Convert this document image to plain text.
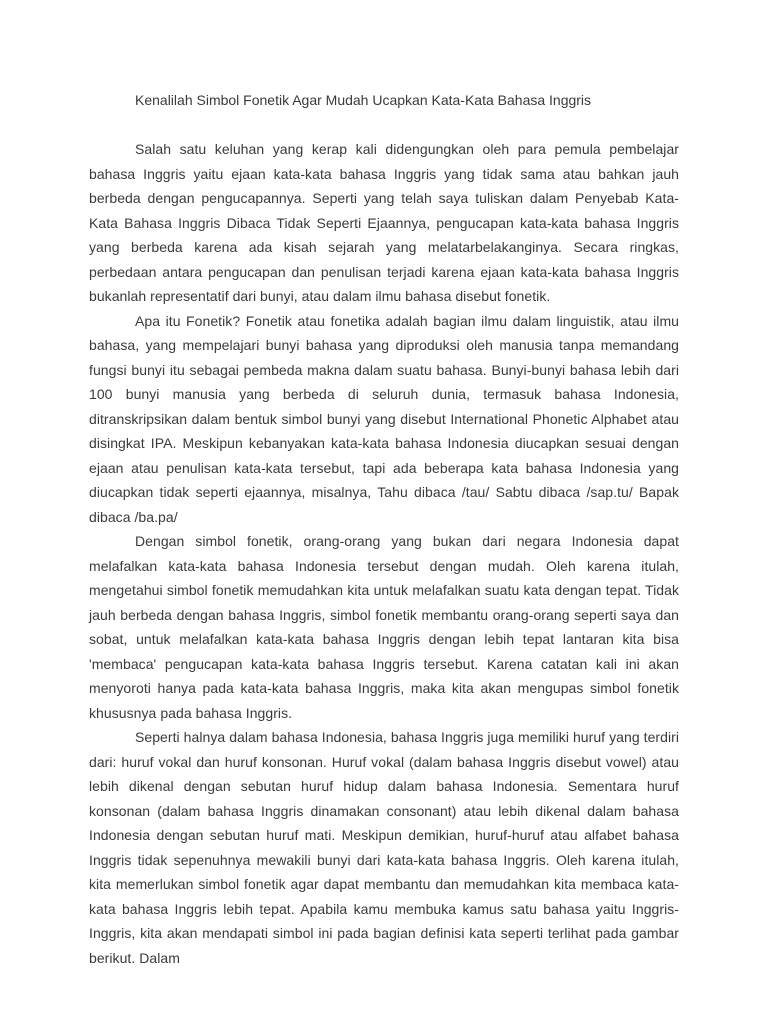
Kenalilah Simbol Fonetik Agar Mudah Ucapkan Kata-Kata Bahasa Inggris

Salah satu keluhan yang kerap kali didengungkan oleh para pemula pembelajar bahasa Inggris yaitu ejaan kata-kata bahasa Inggris yang tidak sama atau bahkan jauh berbeda dengan pengucapannya. Seperti yang telah saya tuliskan dalam Penyebab Kata-Kata Bahasa Inggris Dibaca Tidak Seperti Ejaannya, pengucapan kata-kata bahasa Inggris yang berbeda karena ada kisah sejarah yang melatarbelakanginya. Secara ringkas, perbedaan antara pengucapan dan penulisan terjadi karena ejaan kata-kata bahasa Inggris bukanlah representatif dari bunyi, atau dalam ilmu bahasa disebut fonetik.

Apa itu Fonetik? Fonetik atau fonetika adalah bagian ilmu dalam linguistik, atau ilmu bahasa, yang mempelajari bunyi bahasa yang diproduksi oleh manusia tanpa memandang fungsi bunyi itu sebagai pembeda makna dalam suatu bahasa. Bunyi-bunyi bahasa lebih dari 100 bunyi manusia yang berbeda di seluruh dunia, termasuk bahasa Indonesia, ditranskripsikan dalam bentuk simbol bunyi yang disebut International Phonetic Alphabet atau disingkat IPA. Meskipun kebanyakan kata-kata bahasa Indonesia diucapkan sesuai dengan ejaan atau penulisan kata-kata tersebut, tapi ada beberapa kata bahasa Indonesia yang diucapkan tidak seperti ejaannya, misalnya, Tahu dibaca /tau/ Sabtu dibaca /sap.tu/ Bapak dibaca /ba.pa/

Dengan simbol fonetik, orang-orang yang bukan dari negara Indonesia dapat melafalkan kata-kata bahasa Indonesia tersebut dengan mudah. Oleh karena itulah, mengetahui simbol fonetik memudahkan kita untuk melafalkan suatu kata dengan tepat. Tidak jauh berbeda dengan bahasa Inggris, simbol fonetik membantu orang-orang seperti saya dan sobat, untuk melafalkan kata-kata bahasa Inggris dengan lebih tepat lantaran kita bisa 'membaca' pengucapan kata-kata bahasa Inggris tersebut. Karena catatan kali ini akan menyoroti hanya pada kata-kata bahasa Inggris, maka kita akan mengupas simbol fonetik khususnya pada bahasa Inggris.

Seperti halnya dalam bahasa Indonesia, bahasa Inggris juga memiliki huruf yang terdiri dari: huruf vokal dan huruf konsonan. Huruf vokal (dalam bahasa Inggris disebut vowel) atau lebih dikenal dengan sebutan huruf hidup dalam bahasa Indonesia. Sementara huruf konsonan (dalam bahasa Inggris dinamakan consonant) atau lebih dikenal dalam bahasa Indonesia dengan sebutan huruf mati. Meskipun demikian, huruf-huruf atau alfabet bahasa Inggris tidak sepenuhnya mewakili bunyi dari kata-kata bahasa Inggris. Oleh karena itulah, kita memerlukan simbol fonetik agar dapat membantu dan memudahkan kita membaca kata-kata bahasa Inggris lebih tepat. Apabila kamu membuka kamus satu bahasa yaitu Inggris-Inggris, kita akan mendapati simbol ini pada bagian definisi kata seperti terlihat pada gambar berikut. Dalam
